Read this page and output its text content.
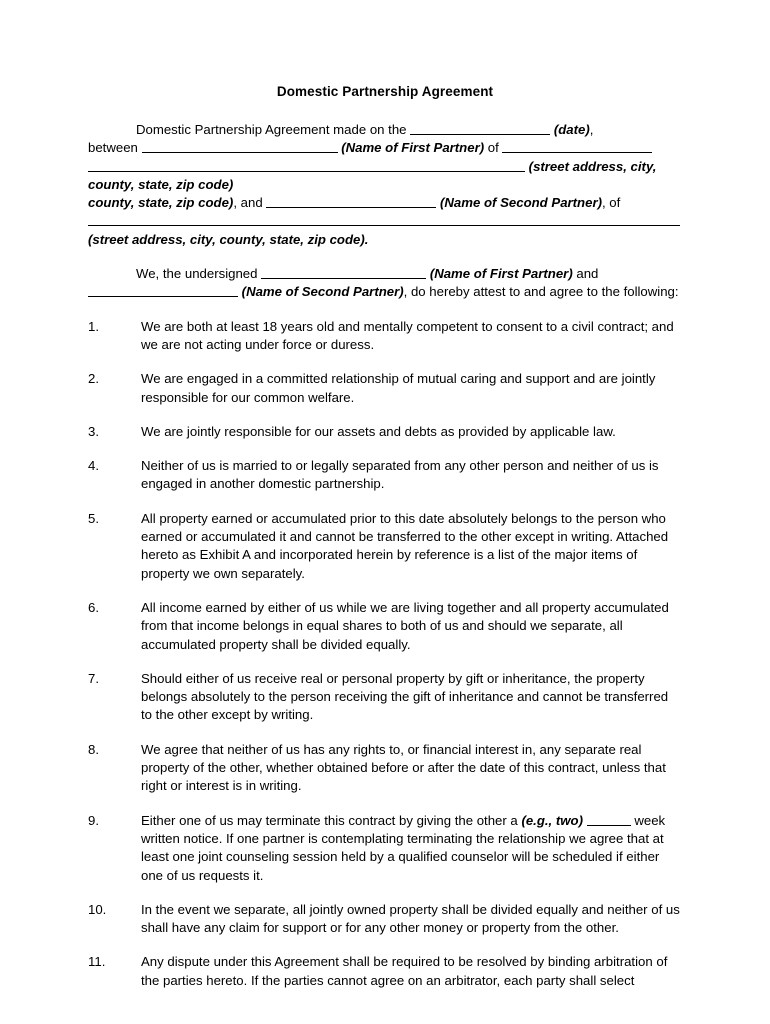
Domestic Partnership Agreement

Domestic Partnership Agreement made on the	(date),
between	(Name of First Partner) of
(street address, city, county, state, zip code)
county, state, zip code), and	(Name of Second Partner), of

(street address, city, county, state, zip code).

We, the undersigned	(Name of First Partner) and
(Name of Second Partner), do hereby attest to and agree to the following:

1.	We are both at least 18 years old and mentally competent to consent to a civil contract; and we are not acting under force or duress.
2.	We are engaged in a committed relationship of mutual caring and support and are jointly responsible for our common welfare.
3.	We are jointly responsible for our assets and debts as provided by applicable law.
4.	Neither of us is married to or legally separated from any other person and neither of us is engaged in another domestic partnership.
5.	All property earned or accumulated prior to this date absolutely belongs to the person who earned or accumulated it and cannot be transferred to the other except in writing. Attached hereto as Exhibit A and incorporated herein by reference is a list of the major items of property we own separately.
6.	All income earned by either of us while we are living together and all property accumulated from that income belongs in equal shares to both of us and should we separate, all accumulated property shall be divided equally.
7.	Should either of us receive real or personal property by gift or inheritance, the property belongs absolutely to the person receiving the gift of inheritance and cannot be transferred to the other except by writing.
8.	We agree that neither of us has any rights to, or financial interest in, any separate real property of the other, whether obtained before or after the date of this contract, unless that right or interest is in writing.
9.	Either one of us may terminate this contract by giving the other a (e.g., two)	week written notice. If one partner is contemplating terminating the relationship we agree that at least one joint counseling session held by a qualified counselor will be scheduled if either one of us requests it.
10.	In the event we separate, all jointly owned property shall be divided equally and neither of us shall have any claim for support or for any other money or property from the other.
11.	Any dispute under this Agreement shall be required to be resolved by binding arbitration of the parties hereto. If the parties cannot agree on an arbitrator, each party shall select
